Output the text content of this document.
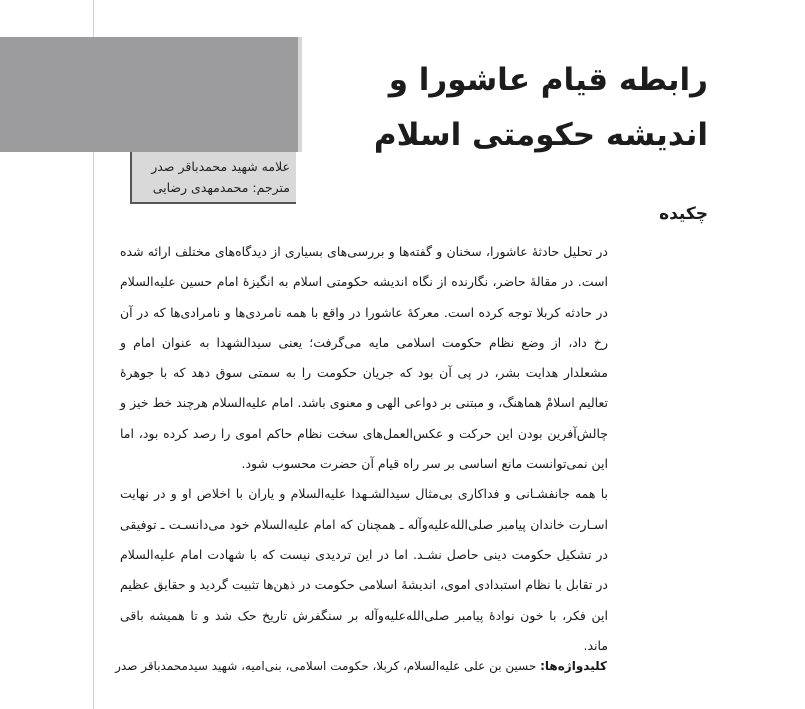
علامه شهید محمدباقر صدر
مترجم: محمدمهدی رضایی
رابطه قیام عاشورا و اندیشه حکومتی اسلام
چکیده

در تحلیل حادثهٔ عاشورا، سخنان و گفته‌ها و بررسی‌های بسیاری از دیدگاه‌های مختلف ارائه شده است. در مقالهٔ حاضر، نگارنده از نگاه اندیشه حکومتی اسلام به انگیزهٔ امام حسین علیه‌السلام در حادثه کربلا توجه کرده است. معرکهٔ عاشورا در واقع با همه نامردی‌ها و نامرادی‌ها که در آن رخ داد، از وضع نظام حکومت اسلامی مایه می‌گرفت؛ یعنی سیدالشهدا به عنوان امام و مشعلدار هدایت بشر، در پی آن بود که جریان حکومت را به سمتی سوق دهد که با جوهرهٔ تعالیم اسلامْ هماهنگ، و مبتنی بر دواعی الهی و معنوی باشد. امام علیه‌السلام هرچند خط خیز و چالش‌آفرین بودن این حرکت و عکس‌العمل‌های سخت نظام حاکم اموی را رصد کرده بود، اما این نمی‌توانست مانع اساسی بر سر راه قیام آن حضرت محسوب شود.

با همه جانفشـانی و فداکاری بی‌مثال سیدالشـهدا علیه‌السلام و یاران با اخلاص او و در نهایت اسـارت خاندان پیامبر صلی‌الله‌علیه‌وآله ـ همچنان که امام علیه‌السلام خود می‌دانسـت ـ توفیقی در تشکیل حکومت دینی حاصل نشـد. اما در این تردیدی نیست که با شهادت امام علیه‌السلام در تقابل با نظام استبدادی اموی، اندیشهٔ اسلامی حکومت در ذهن‌ها تثبیت گردید و حقایق عظیم این فکر، با خون نوادهٔ پیامبر صلی‌الله‌علیه‌وآله بر سنگفرش تاریخ حک شد و تا همیشه باقی ماند.

کلیدواژه‌ها: حسین بن علی علیه‌السلام، کربلا، حکومت اسلامی، بنی‌امیه، شهید سیدمحمدباقر صدر
